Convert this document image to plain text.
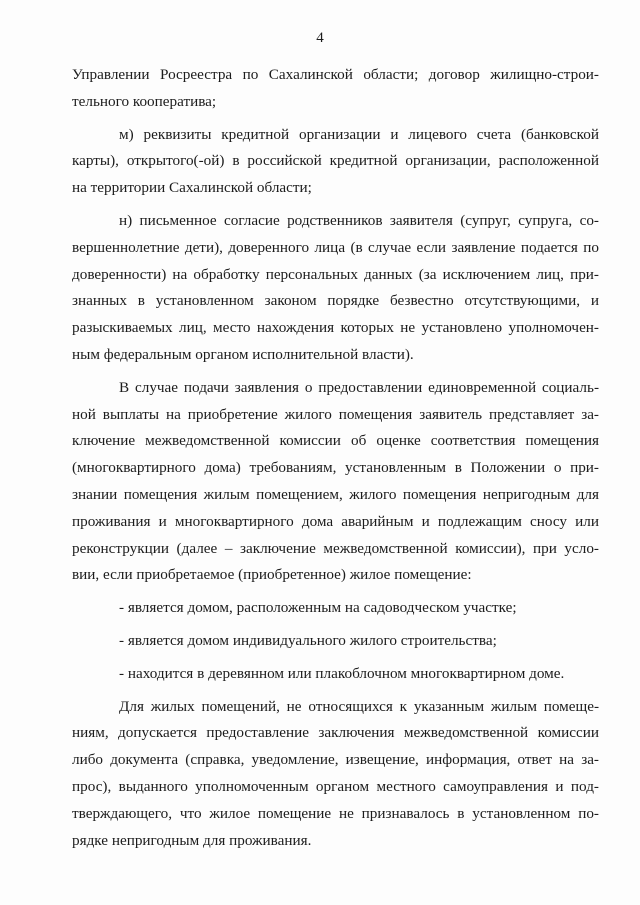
4
Управлении Росреестра по Сахалинской области; договор жилищно-строи-
тельного кооператива;
м) реквизиты кредитной организации и лицевого счета (банковской
карты), открытого(-ой) в российской кредитной организации, расположенной
на территории Сахалинской области;
н) письменное согласие родственников заявителя (супруг, супруга, со-
вершеннолетние дети), доверенного лица (в случае если заявление подается по
доверенности) на обработку персональных данных (за исключением лиц, при-
знанных в установленном законом порядке безвестно отсутствующими, и
разыскиваемых лиц, место нахождения которых не установлено уполномочен-
ным федеральным органом исполнительной власти).
В случае подачи заявления о предоставлении единовременной социаль-
ной выплаты на приобретение жилого помещения заявитель представляет за-
ключение межведомственной комиссии об оценке соответствия помещения
(многоквартирного дома) требованиям, установленным в Положении о при-
знании помещения жилым помещением, жилого помещения непригодным для
проживания и многоквартирного дома аварийным и подлежащим сносу или
реконструкции (далее – заключение межведомственной комиссии), при усло-
вии, если приобретаемое (приобретенное) жилое помещение:
- является домом, расположенным на садоводческом участке;
- является домом индивидуального жилого строительства;
- находится в деревянном или плакоблочном многоквартирном доме.
Для жилых помещений, не относящихся к указанным жилым помеще-
ниям, допускается предоставление заключения межведомственной комиссии
либо документа (справка, уведомление, извещение, информация, ответ на за-
прос), выданного уполномоченным органом местного самоуправления и под-
тверждающего, что жилое помещение не признавалось в установленном по-
рядке непригодным для проживания.
